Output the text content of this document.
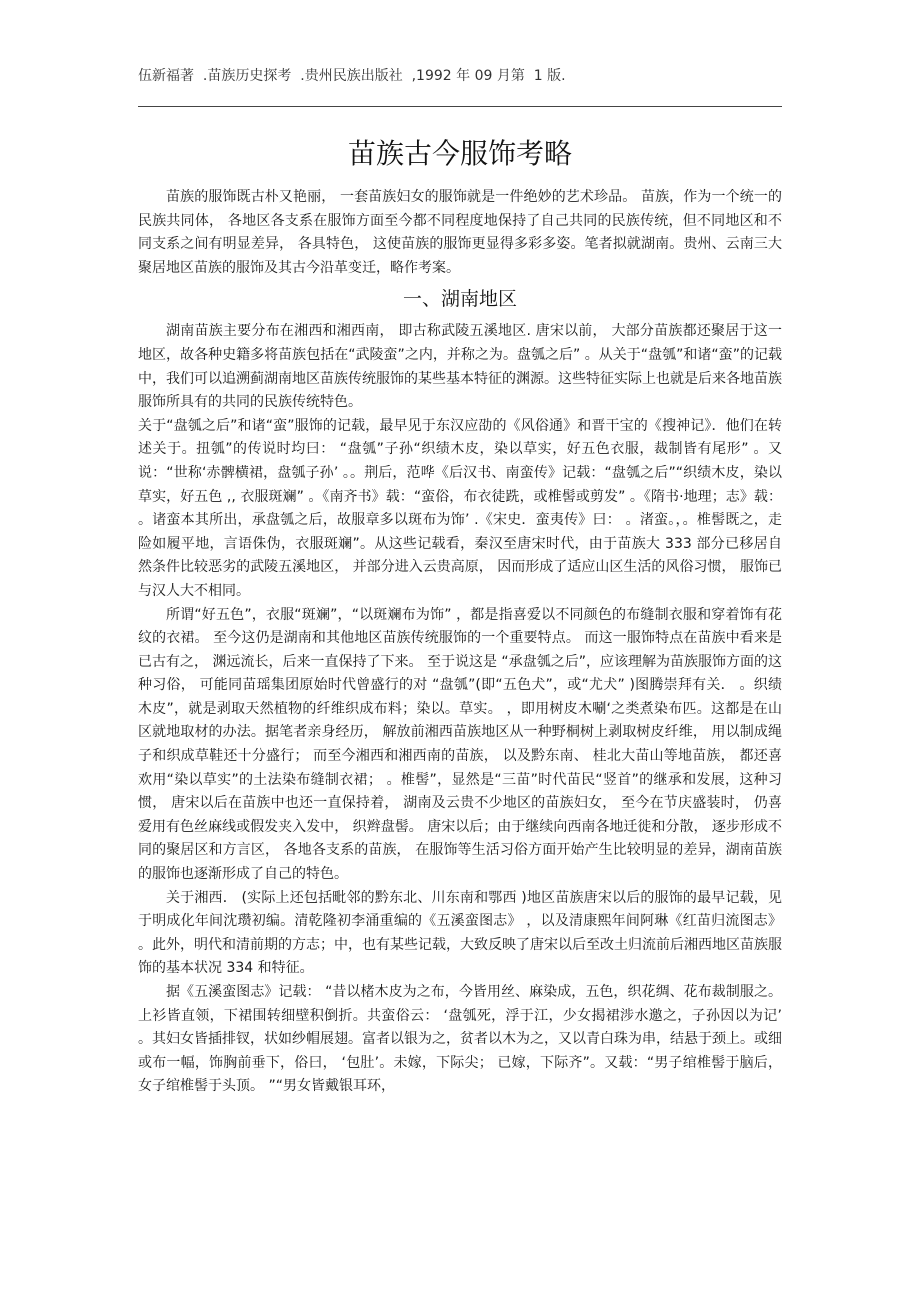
伍新福著  .苗族历史探考  .贵州民族出版社  ,1992 年 09 月第  1 版.
苗族古今服饰考略

苗族的服饰既古朴又艳丽， 一套苗族妇女的服饰就是一件绝妙的艺术珍品。 苗族，作为一个统一的民族共同体， 各地区各支系在服饰方面至今都不同程度地保持了自己共同的民族传统，但不同地区和不同支系之间有明显差异， 各具特色， 这使苗族的服饰更显得多彩多姿。笔者拟就湖南。贵州、云南三大聚居地区苗族的服饰及其古今沿革变迁，略作考案。

一、湖南地区

湖南苗族主要分布在湘西和湘西南， 即古称武陵五溪地区. 唐宋以前， 大部分苗族都还聚居于这一地区，故各种史籍多将苗族包括在“武陵蛮”之内，并称之为。盘瓠之后” 。从关于“盘瓠”和诸“蛮”的记载中，我们可以追溯蓟湖南地区苗族传统服饰的某些基本特征的渊源。这些特征实际上也就是后来各地苗族服饰所具有的共同的民族传统特色。

关于“盘瓠之后”和诸“蛮”服饰的记载，最早见于东汉应劭的《风俗通》和晋干宝的《搜神记》．他们在转述关于。扭瓠”的传说时均曰： “盘瓠”子孙“织绩木皮，染以草实，好五色衣服，裁制皆有尾形” 。又说：“世称‘赤髀横裙，盘瓠子孙’ 。。荆后，范哗《后汉书、南蛮传》记载：“盘瓠之后”“织绩木皮，染以草实，好五色 ,, 衣服斑斓” 。《南齐书》载：“蛮俗，布衣徒跣，或椎髻或剪发” 。《隋书·地理；志》载： 。诸蛮本其所出，承盘瓠之后，故服章多以斑布为饰’ .《宋史．蛮夷传》曰： 。渚蛮。，。椎髻既之，走险如履平地，言语侏伪，衣服斑斓”。从这些记载看，秦汉至唐宋时代，由于苗族大 333 部分已移居自然条件比较恶劣的武陵五溪地区， 并部分进入云贵高原， 因而形成了适应山区生活的风俗习惯， 服饰已与汉人大不相同。

所谓“好五色”，衣服“斑斓”，“以斑斓布为饰” ，都是指喜爱以不同颜色的布缝制衣服和穿着饰有花纹的衣裙。 至今这仍是湖南和其他地区苗族传统服饰的一个重要特点。 而这一服饰特点在苗族中看来是已古有之， 渊远流长，后来一直保持了下来。 至于说这是 “承盘瓠之后”，应该理解为苗族服饰方面的这种习俗， 可能同苗瑶集团原始时代曾盛行的对 “盘瓠”(即“五色犬”，或“尤犬” )图腾崇拜有关． 。织绩木皮”，就是剥取天然植物的纤维织成布料；染以。草实。 ，即用树皮木唰‘之类煮染布匹。这都是在山区就地取材的办法。据笔者亲身经历， 解放前湘西苗族地区从一种野桐树上剥取树皮纤维， 用以制成绳子和织成草鞋还十分盛行； 而至今湘西和湘西南的苗族， 以及黔东南、 桂北大苗山等地苗族， 都还喜欢用“染以草实”的土法染布缝制衣裙； 。椎髻”，显然是“三苗”时代苗民“竖首”的继承和发展，这种习惯， 唐宋以后在苗族中也还一直保持着， 湖南及云贵不少地区的苗族妇女， 至今在节庆盛装时， 仍喜爱用有色丝麻线或假发夹入发中， 织辫盘髻。 唐宋以后；由于继续向西南各地迁徙和分散， 逐步形成不同的聚居区和方言区， 各地各支系的苗族， 在服饰等生活习俗方面开始产生比较明显的差异，湖南苗族的服饰也逐渐形成了自己的特色。

关于湘西． (实际上还包括毗邻的黔东北、川东南和鄂西 )地区苗族唐宋以后的服饰的最早记载，见于明成化年间沈瓒初编。清乾隆初李涌重编的《五溪蛮图志》 ，以及清康熙年间阿琳《红苗归流图志》 。此外，明代和清前期的方志；中，也有某些记载，大致反映了唐宋以后至改土归流前后湘西地区苗族服饰的基本状况 334 和特征。

据《五溪蛮图志》记载： “昔以楮木皮为之布，今皆用丝、麻染成，五色，织花绸、花布裁制服之。上衫皆直领，下裙围转细壁积倒折。共蛮俗云： ‘盘瓠死，浮于江，少女揭裙涉水邀之，子孙因以为记’ 。其妇女皆插排钗，状如纱帽展翅。富者以银为之，贫者以木为之，又以青白珠为串，结悬于颈上。或细或布一幅，饰胸前垂下，俗曰， ‘包肚’。未嫁，下际尖； 已嫁，下际齐”。又载：“男子绾椎髻于脑后， 女子绾椎髻于头顶。 ”“男女皆戴银耳环，
